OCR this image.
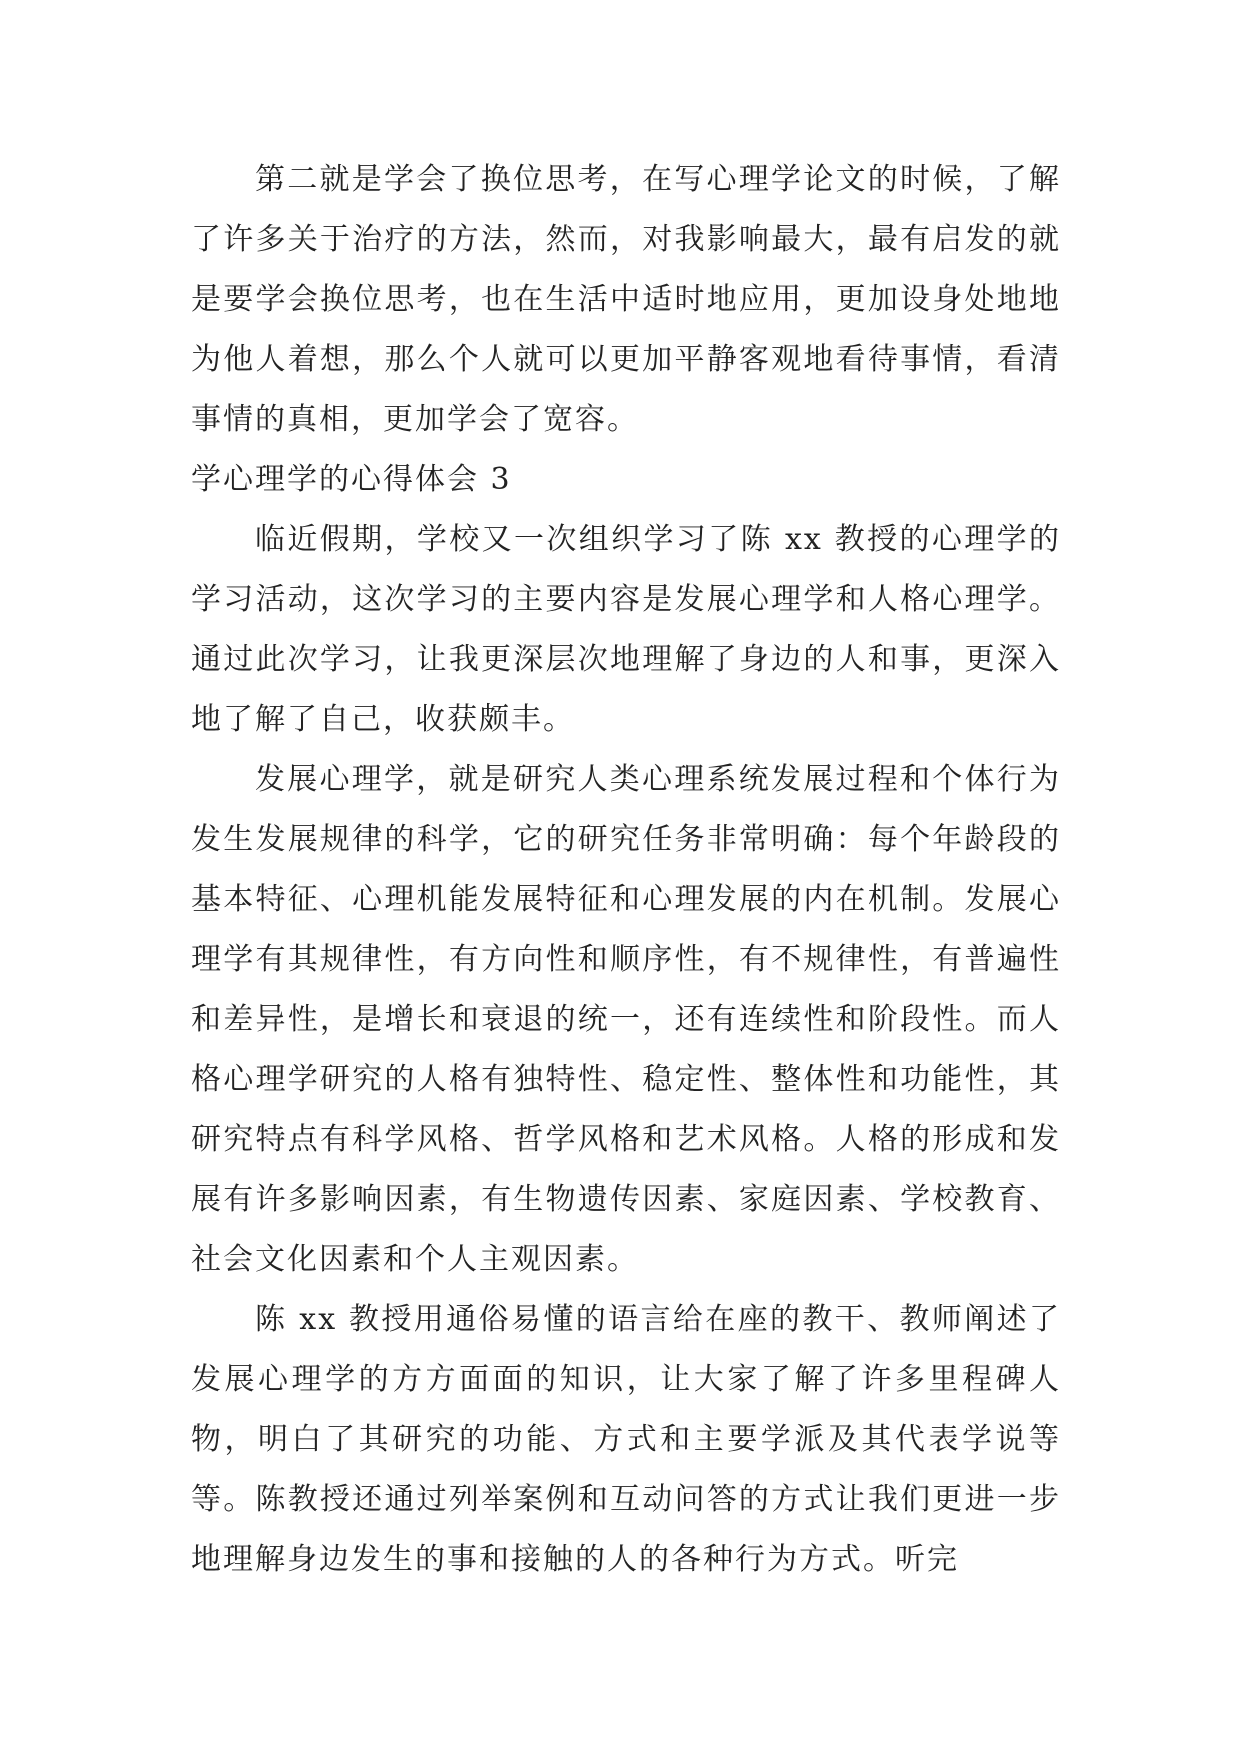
第二就是学会了换位思考，在写心理学论文的时候，了解了许多关于治疗的方法，然而，对我影响最大，最有启发的就是要学会换位思考，也在生活中适时地应用，更加设身处地地为他人着想，那么个人就可以更加平静客观地看待事情，看清事情的真相，更加学会了宽容。

学心理学的心得体会 3

临近假期，学校又一次组织学习了陈 xx 教授的心理学的学习活动，这次学习的主要内容是发展心理学和人格心理学。通过此次学习，让我更深层次地理解了身边的人和事，更深入地了解了自己，收获颇丰。

发展心理学，就是研究人类心理系统发展过程和个体行为发生发展规律的科学，它的研究任务非常明确：每个年龄段的基本特征、心理机能发展特征和心理发展的内在机制。发展心理学有其规律性，有方向性和顺序性，有不规律性，有普遍性和差异性，是增长和衰退的统一，还有连续性和阶段性。而人格心理学研究的人格有独特性、稳定性、整体性和功能性，其研究特点有科学风格、哲学风格和艺术风格。人格的形成和发展有许多影响因素，有生物遗传因素、家庭因素、学校教育、社会文化因素和个人主观因素。

陈 xx 教授用通俗易懂的语言给在座的教干、教师阐述了发展心理学的方方面面的知识，让大家了解了许多里程碑人物，明白了其研究的功能、方式和主要学派及其代表学说等等。陈教授还通过列举案例和互动问答的方式让我们更进一步地理解身边发生的事和接触的人的各种行为方式。听完
